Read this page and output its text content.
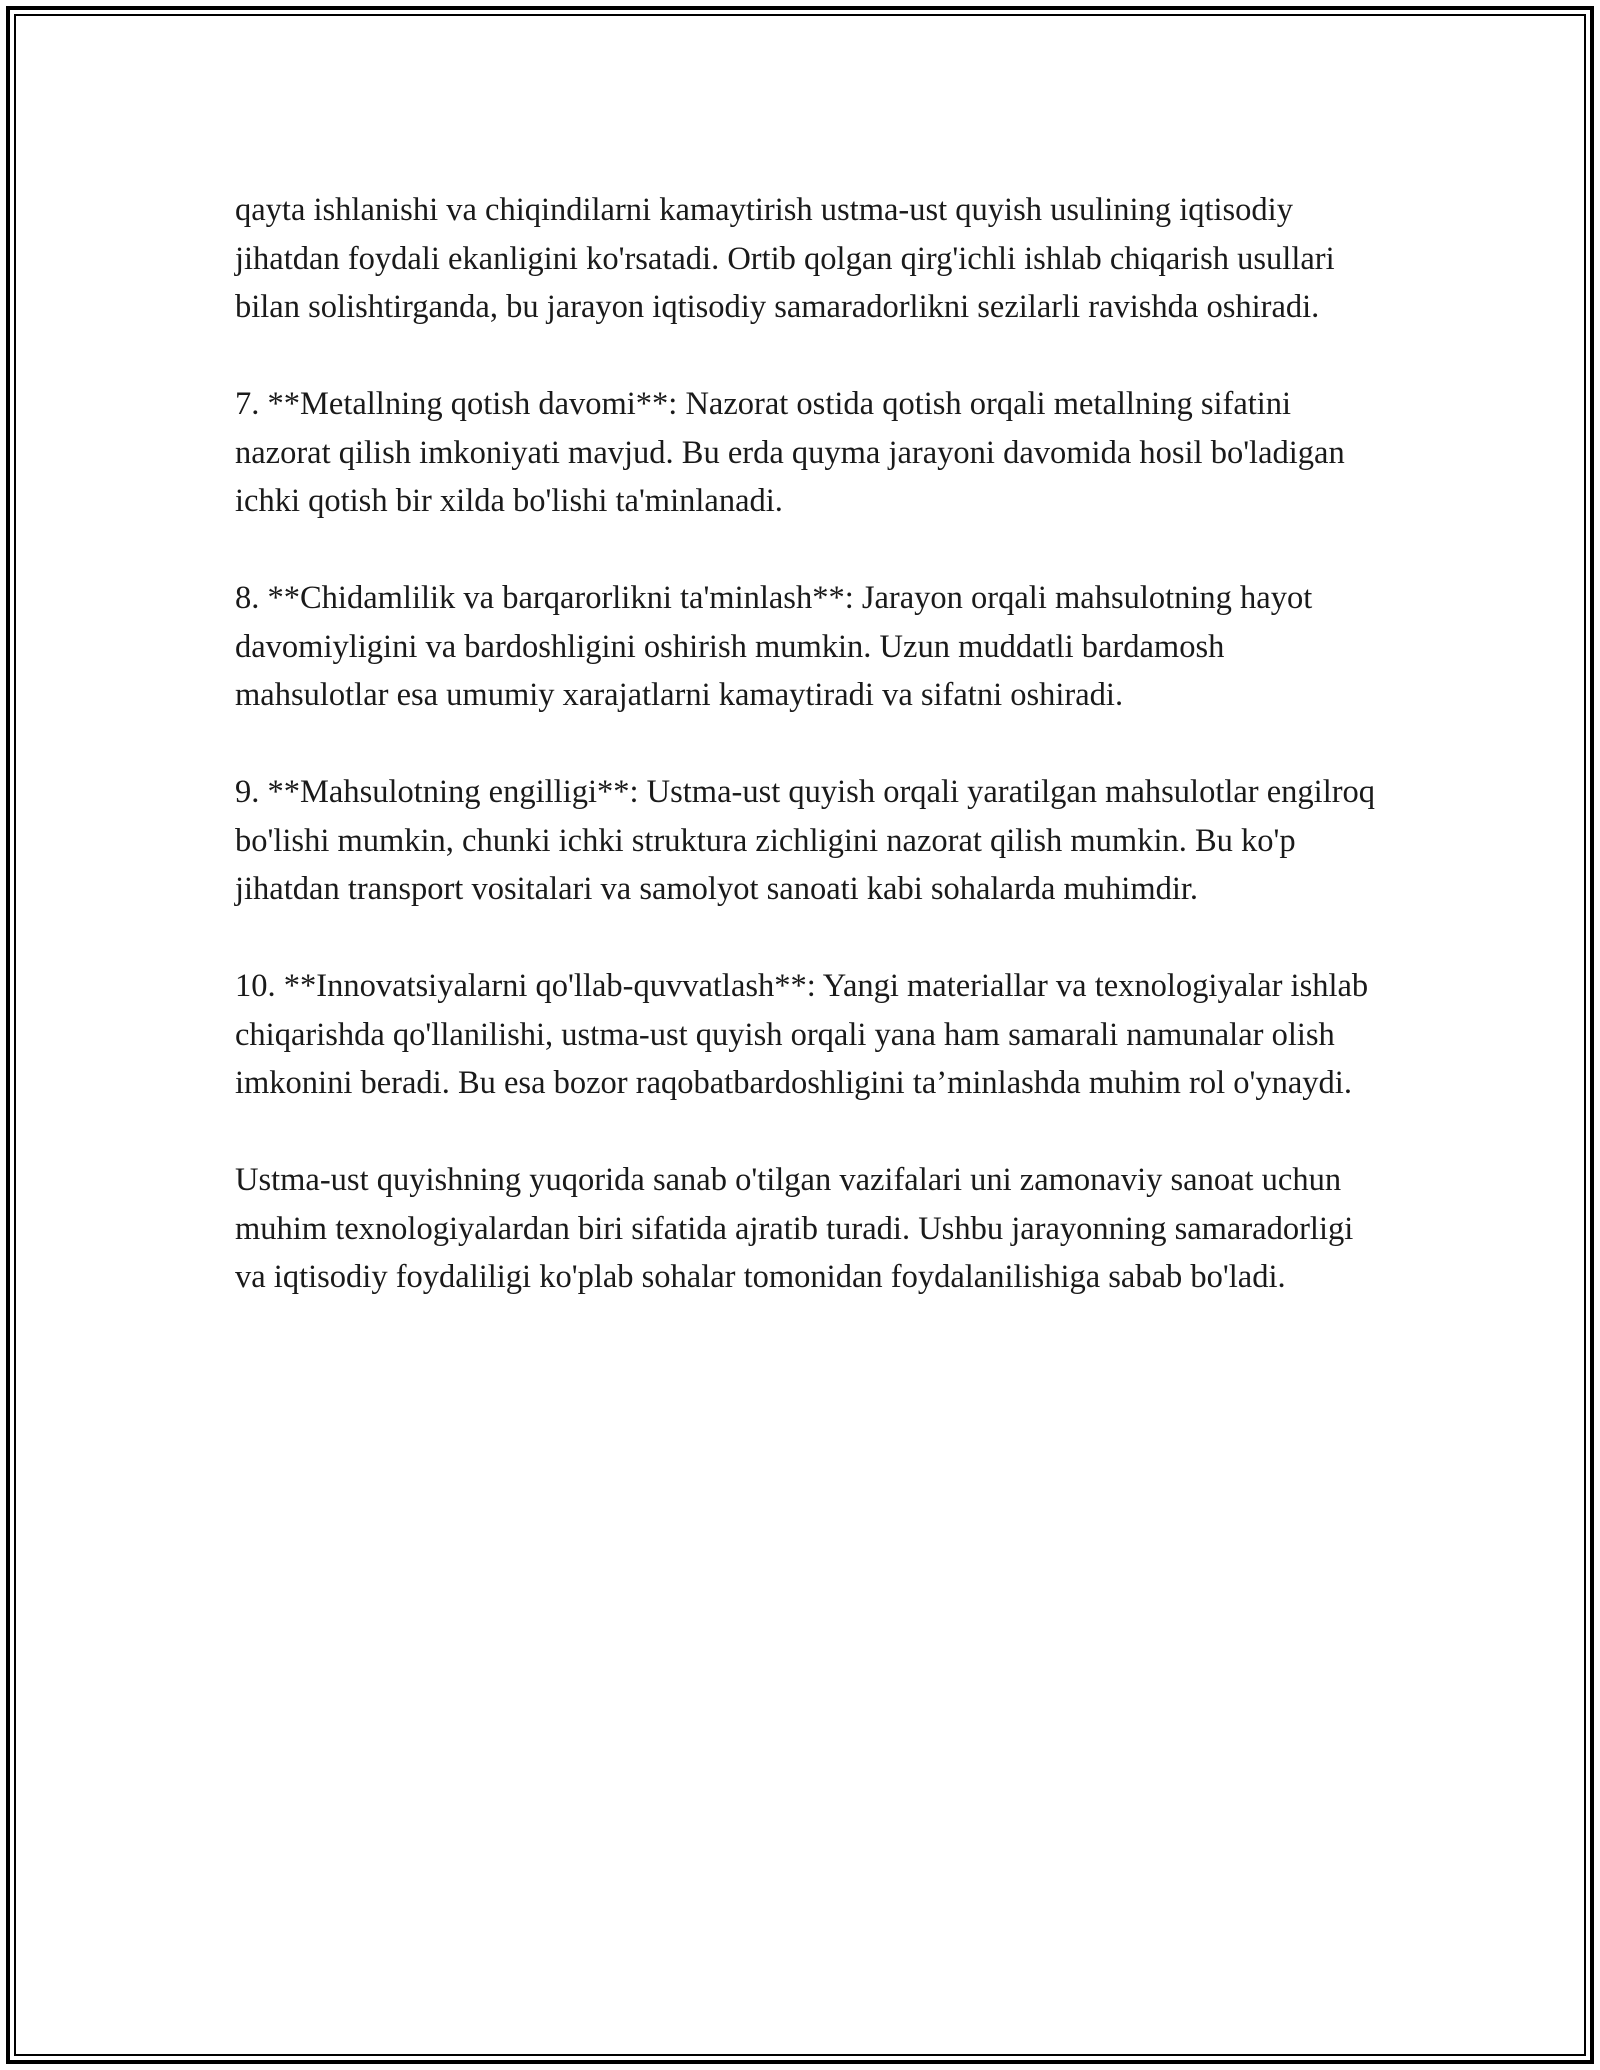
qayta ishlanishi va chiqindilarni kamaytirish ustma-ust quyish usulining iqtisodiy jihatdan foydali ekanligini ko'rsatadi. Ortib qolgan qirg'ichli ishlab chiqarish usullari bilan solishtirganda, bu jarayon iqtisodiy samaradorlikni sezilarli ravishda oshiradi.

7. **Metallning qotish davomi**: Nazorat ostida qotish orqali metallning sifatini nazorat qilish imkoniyati mavjud. Bu erda quyma jarayoni davomida hosil bo'ladigan ichki qotish bir xilda bo'lishi ta'minlanadi.

8. **Chidamlilik va barqarorlikni ta'minlash**: Jarayon orqali mahsulotning hayot davomiyligini va bardoshligini oshirish mumkin. Uzun muddatli bardamosh mahsulotlar esa umumiy xarajatlarni kamaytiradi va sifatni oshiradi.

9. **Mahsulotning engilligi**: Ustma-ust quyish orqali yaratilgan mahsulotlar engilroq bo'lishi mumkin, chunki ichki struktura zichligini nazorat qilish mumkin. Bu ko'p jihatdan transport vositalari va samolyot sanoati kabi sohalarda muhimdir.

10. **Innovatsiyalarni qo'llab-quvvatlash**: Yangi materiallar va texnologiyalar ishlab chiqarishda qo'llanilishi, ustma-ust quyish orqali yana ham samarali namunalar olish imkonini beradi. Bu esa bozor raqobatbardoshligini ta’minlashda muhim rol o'ynaydi.

Ustma-ust quyishning yuqorida sanab o'tilgan vazifalari uni zamonaviy sanoat uchun muhim texnologiyalardan biri sifatida ajratib turadi. Ushbu jarayonning samaradorligi va iqtisodiy foydaliligi ko'plab sohalar tomonidan foydalanilishiga sabab bo'ladi.
